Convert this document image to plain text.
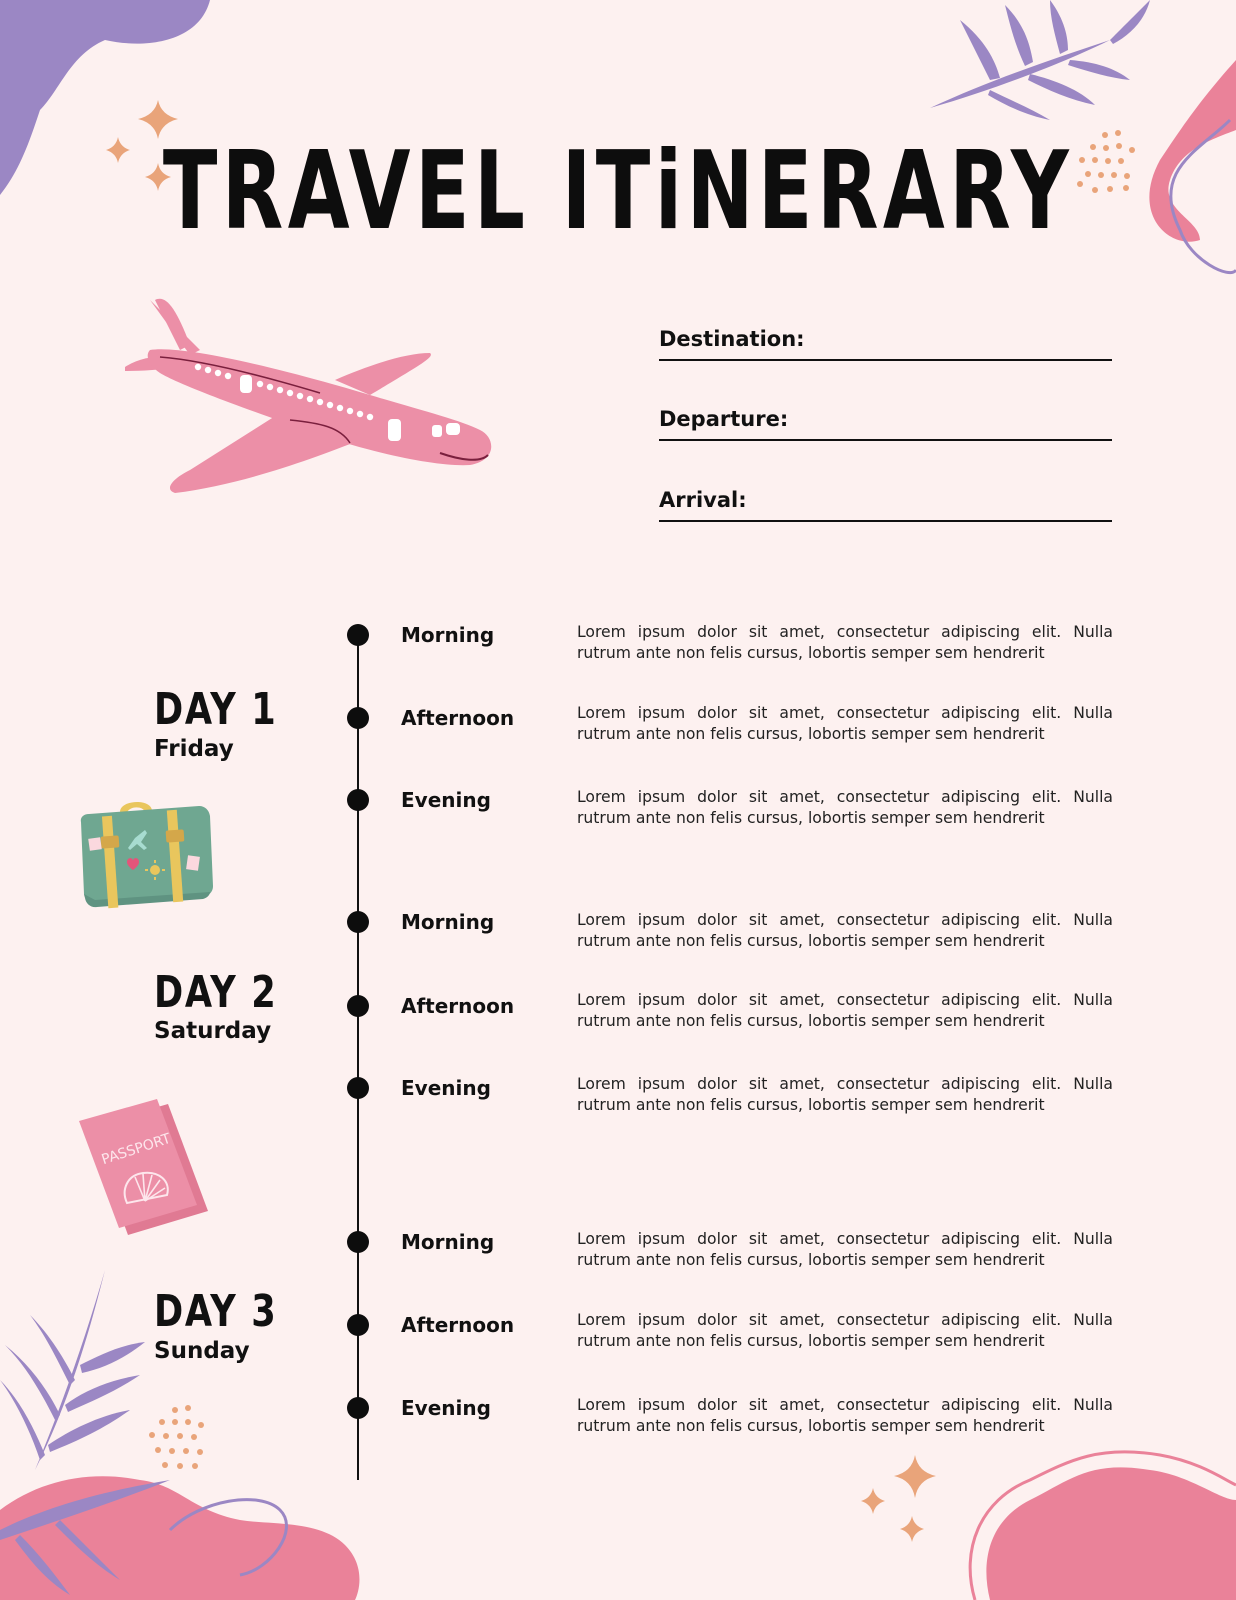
TRAVEL ITiNERARY
Destination:
Departure:
Arrival:
DAY 1
Friday
Morning	Lorem ipsum dolor sit amet, consectetur adipiscing elit. Nulla rutrum ante non felis cursus, lobortis semper sem hendrerit
Afternoon	Lorem ipsum dolor sit amet, consectetur adipiscing elit. Nulla rutrum ante non felis cursus, lobortis semper sem hendrerit
Evening	Lorem ipsum dolor sit amet, consectetur adipiscing elit. Nulla rutrum ante non felis cursus, lobortis semper sem hendrerit
DAY 2
Saturday
Morning	Lorem ipsum dolor sit amet, consectetur adipiscing elit. Nulla rutrum ante non felis cursus, lobortis semper sem hendrerit
Afternoon	Lorem ipsum dolor sit amet, consectetur adipiscing elit. Nulla rutrum ante non felis cursus, lobortis semper sem hendrerit
Evening	Lorem ipsum dolor sit amet, consectetur adipiscing elit. Nulla rutrum ante non felis cursus, lobortis semper sem hendrerit
PASSPORT
DAY 3
Sunday
Morning	Lorem ipsum dolor sit amet, consectetur adipiscing elit. Nulla rutrum ante non felis cursus, lobortis semper sem hendrerit
Afternoon	Lorem ipsum dolor sit amet, consectetur adipiscing elit. Nulla rutrum ante non felis cursus, lobortis semper sem hendrerit
Evening	Lorem ipsum dolor sit amet, consectetur adipiscing elit. Nulla rutrum ante non felis cursus, lobortis semper sem hendrerit
